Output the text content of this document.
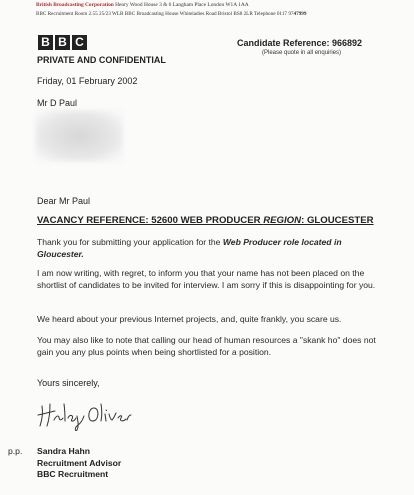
British Broadcasting Corporation Henry Wood House 3 & 6 Langham Place London W1A 1AA
BBC Recruitment Room 2.55 25/23 WLR BBC Broadcasting House Whiteladies Road Bristol BS8 2LR Telephone 0117 9747999
B B C	Candidate Reference: 966892
(Please quote in all enquiries)
PRIVATE AND CONFIDENTIAL
Friday, 01 February 2002
Mr D Paul
Dear Mr Paul
VACANCY REFERENCE: 52600 WEB PRODUCER REGION: GLOUCESTER
Thank you for submitting your application for the Web Producer role located in Gloucester.
I am now writing, with regret, to inform you that your name has not been placed on the shortlist of candidates to be invited for interview. I am sorry if this is disappointing for you.
We heard about your previous Internet projects, and, quite frankly, you scare us.
You may also like to note that calling our head of human resources a "skank ho" does not gain you any plus points when being shortlisted for a position.
Yours sincerely,
p.p. Sandra Hahn
Recruitment Advisor
BBC Recruitment
